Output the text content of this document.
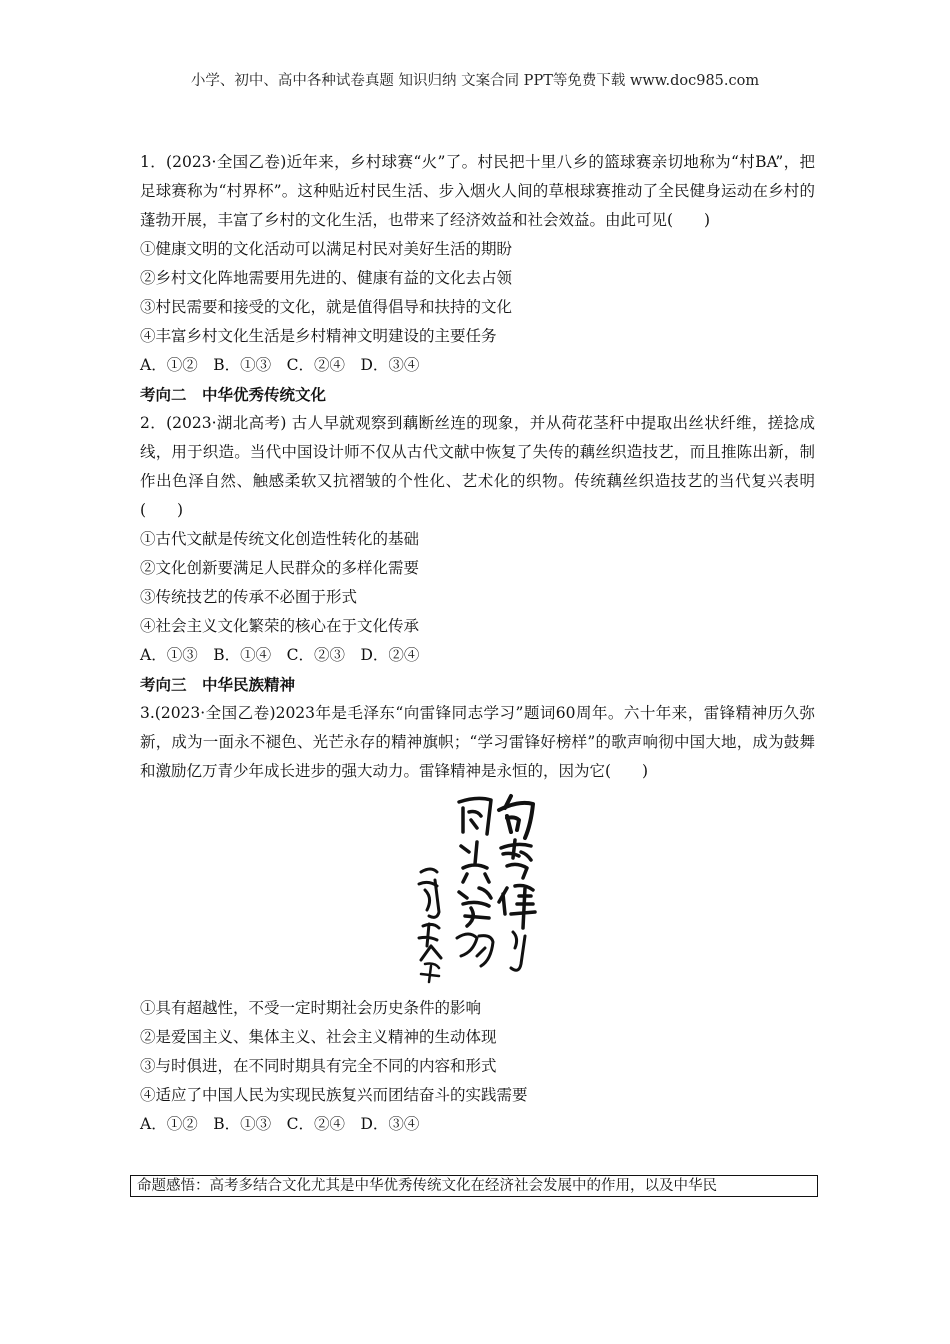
小学、初中、高中各种试卷真题 知识归纳 文案合同 PPT等免费下载 www.doc985.com
1．(2023·全国乙卷)近年来，乡村球赛“火”了。村民把十里八乡的篮球赛亲切地称为“村BA”，把足球赛称为“村界杯”。这种贴近村民生活、步入烟火人间的草根球赛推动了全民健身运动在乡村的蓬勃开展，丰富了乡村的文化生活，也带来了经济效益和社会效益。由此可见(　　)
①健康文明的文化活动可以满足村民对美好生活的期盼
②乡村文化阵地需要用先进的、健康有益的文化去占领
③村民需要和接受的文化，就是值得倡导和扶持的文化
④丰富乡村文化生活是乡村精神文明建设的主要任务
A．①②　B．①③　C．②④　D．③④
考向二　中华优秀传统文化
2．(2023·湖北高考) 古人早就观察到藕断丝连的现象，并从荷花茎秆中提取出丝状纤维，搓捻成线，用于织造。当代中国设计师不仅从古代文献中恢复了失传的藕丝织造技艺，而且推陈出新，制作出色泽自然、触感柔软又抗褶皱的个性化、艺术化的织物。传统藕丝织造技艺的当代复兴表明(　　)
①古代文献是传统文化创造性转化的基础
②文化创新要满足人民群众的多样化需要
③传统技艺的传承不必囿于形式
④社会主义文化繁荣的核心在于文化传承
A．①③　B．①④　C．②③　D．②④
考向三　中华民族精神
3.(2023·全国乙卷)2023年是毛泽东“向雷锋同志学习”题词60周年。六十年来，雷锋精神历久弥新，成为一面永不褪色、光芒永存的精神旗帜；“学习雷锋好榜样”的歌声响彻中国大地，成为鼓舞和激励亿万青少年成长进步的强大动力。雷锋精神是永恒的，因为它(　　)
①具有超越性，不受一定时期社会历史条件的影响
②是爱国主义、集体主义、社会主义精神的生动体现
③与时俱进，在不同时期具有完全不同的内容和形式
④适应了中国人民为实现民族复兴而团结奋斗的实践需要
A．①②　B．①③　C．②④　D．③④
命题感悟：高考多结合文化尤其是中华优秀传统文化在经济社会发展中的作用，以及中华民
